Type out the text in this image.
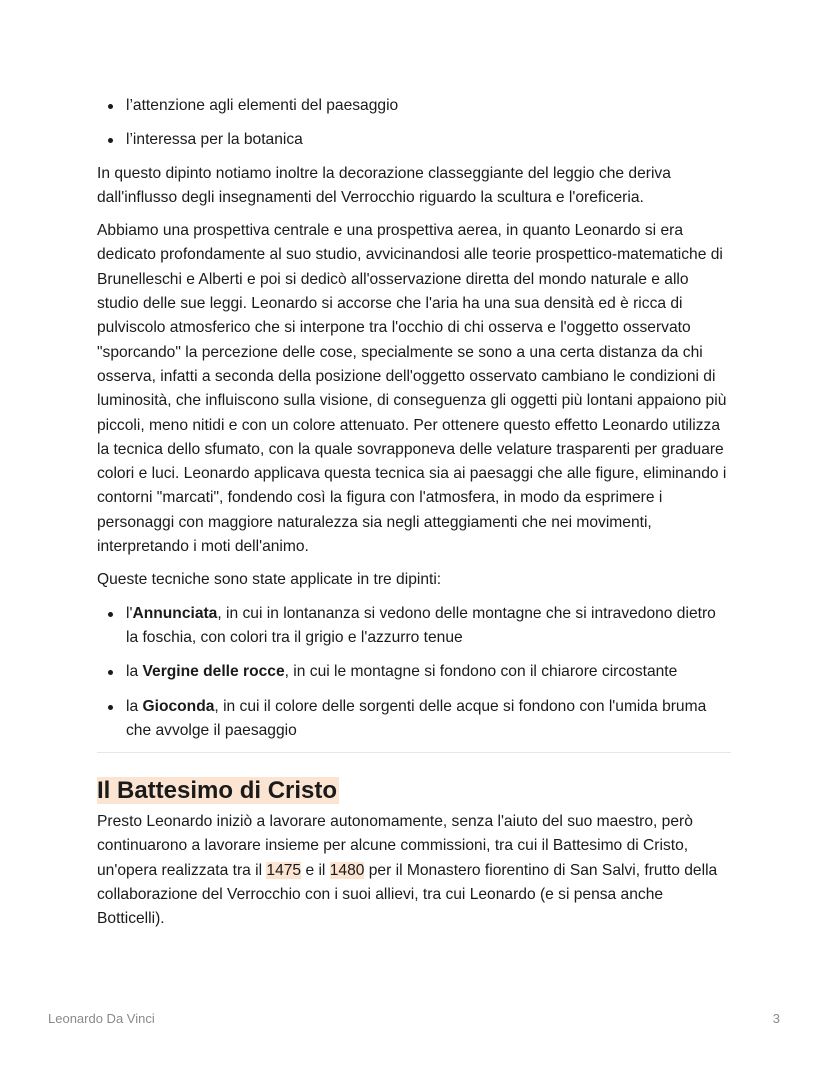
l’attenzione agli elementi del paesaggio
l’interessa per la botanica

In questo dipinto notiamo inoltre la decorazione classeggiante del leggio che deriva dall'influsso degli insegnamenti del Verrocchio riguardo la scultura e l'oreficeria.

Abbiamo una prospettiva centrale e una prospettiva aerea, in quanto Leonardo si era dedicato profondamente al suo studio, avvicinandosi alle teorie prospettico-matematiche di Brunelleschi e Alberti e poi si dedicò all'osservazione diretta del mondo naturale e allo studio delle sue leggi. Leonardo si accorse che l'aria ha una sua densità ed è ricca di pulviscolo atmosferico che si interpone tra l'occhio di chi osserva e l'oggetto osservato "sporcando" la percezione delle cose, specialmente se sono a una certa distanza da chi osserva, infatti a seconda della posizione dell'oggetto osservato cambiano le condizioni di luminosità, che influiscono sulla visione, di conseguenza gli oggetti più lontani appaiono più piccoli, meno nitidi e con un colore attenuato. Per ottenere questo effetto Leonardo utilizza la tecnica dello sfumato, con la quale sovrapponeva delle velature trasparenti per graduare colori e luci. Leonardo applicava questa tecnica sia ai paesaggi che alle figure, eliminando i contorni "marcati", fondendo così la figura con l'atmosfera, in modo da esprimere i personaggi con maggiore naturalezza sia negli atteggiamenti che nei movimenti, interpretando i moti dell'animo.

Queste tecniche sono state applicate in tre dipinti:

l'Annunciata, in cui in lontananza si vedono delle montagne che si intravedono dietro la foschia, con colori tra il grigio e l'azzurro tenue
la Vergine delle rocce, in cui le montagne si fondono con il chiarore circostante
la Gioconda, in cui il colore delle sorgenti delle acque si fondono con l'umida bruma che avvolge il paesaggio
Il Battesimo di Cristo

Presto Leonardo iniziò a lavorare autonomamente, senza l'aiuto del suo maestro, però continuarono a lavorare insieme per alcune commissioni, tra cui il Battesimo di Cristo, un'opera realizzata tra il 1475 e il 1480 per il Monastero fiorentino di San Salvi, frutto della collaborazione del Verrocchio con i suoi allievi, tra cui Leonardo (e si pensa anche Botticelli).

Leonardo Da Vinci	3
